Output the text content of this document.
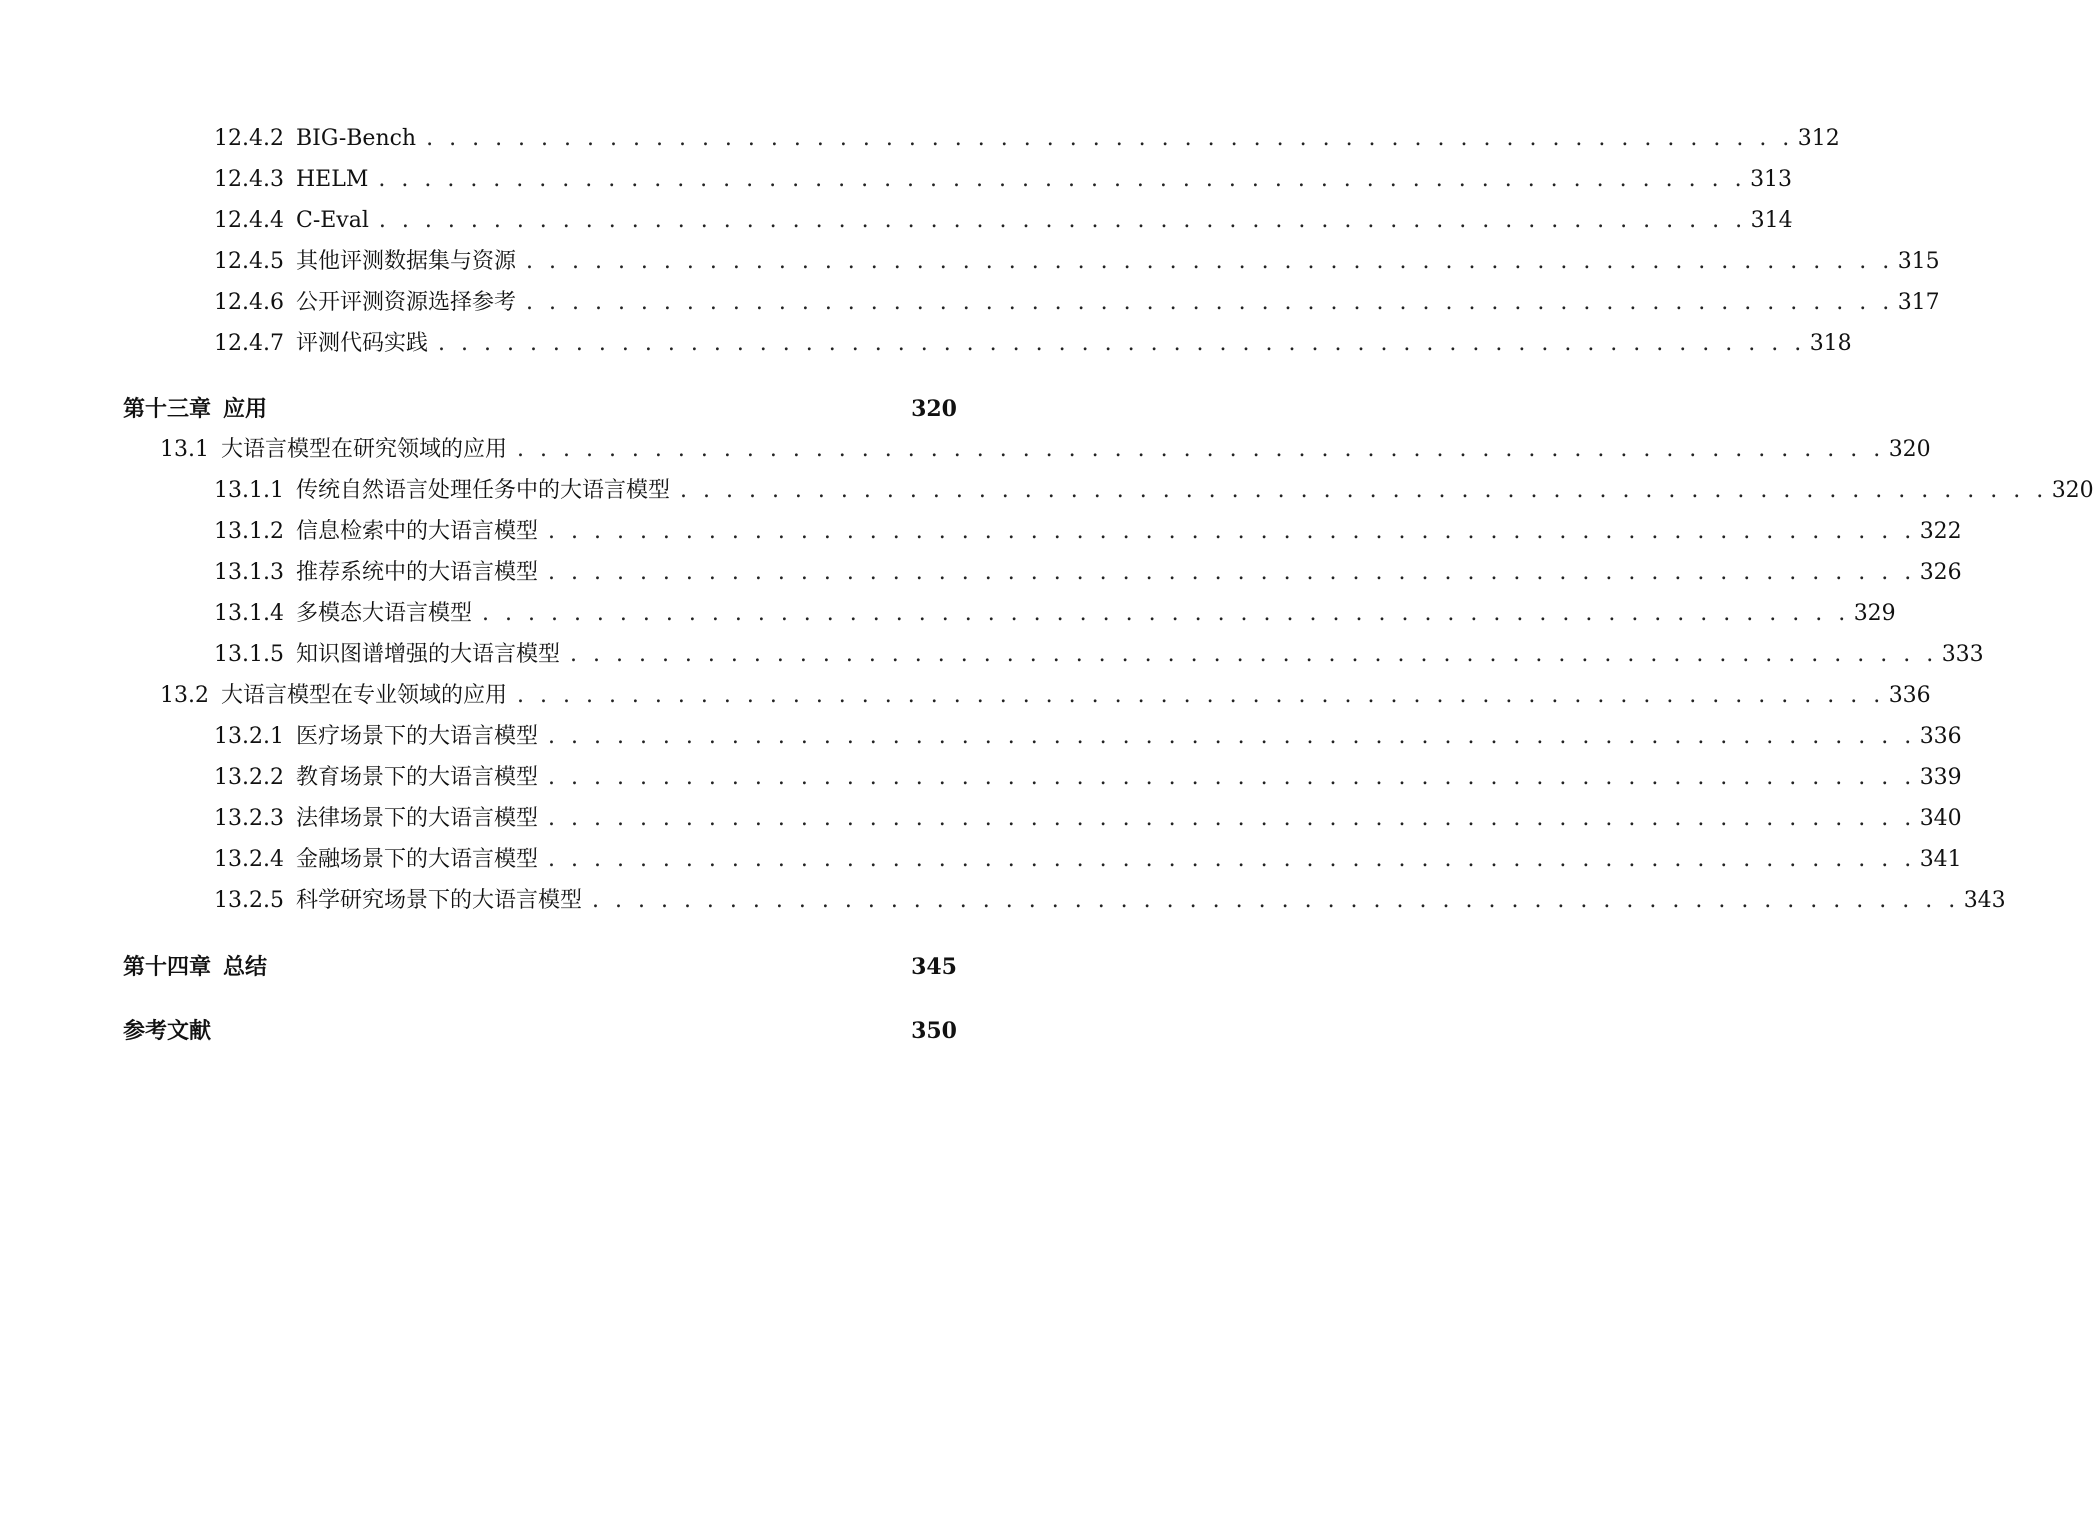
12.4.2 BIG-Bench . . . . . . . . . . . . . . . . . . . . . . . . . . . . . . . . . . . . . . . . . . . . . . . . . . . . . . . . . . . . 312
12.4.3 HELM . . . . . . . . . . . . . . . . . . . . . . . . . . . . . . . . . . . . . . . . . . . . . . . . . . . . . . . . . . . . 313
12.4.4 C-Eval . . . . . . . . . . . . . . . . . . . . . . . . . . . . . . . . . . . . . . . . . . . . . . . . . . . . . . . . . . . . 314
12.4.5 其他评测数据集与资源 . . . . . . . . . . . . . . . . . . . . . . . . . . . . . . . . . . . . . . . . . . . . . . . . . . . . . . . . . . . . 315
12.4.6 公开评测资源选择参考 . . . . . . . . . . . . . . . . . . . . . . . . . . . . . . . . . . . . . . . . . . . . . . . . . . . . . . . . . . . . 317
12.4.7 评测代码实践 . . . . . . . . . . . . . . . . . . . . . . . . . . . . . . . . . . . . . . . . . . . . . . . . . . . . . . . . . . . . 318
第十三章 应用	320
13.1 大语言模型在研究领域的应用 . . . . . . . . . . . . . . . . . . . . . . . . . . . . . . . . . . . . . . . . . . . . . . . . . . . . . . . . . . . . 320
13.1.1 传统自然语言处理任务中的大语言模型 . . . . . . . . . . . . . . . . . . . . . . . . . . . . . . . . . . . . . . . . . . . . . . . . . . . . . . . . . . . . 320
13.1.2 信息检索中的大语言模型 . . . . . . . . . . . . . . . . . . . . . . . . . . . . . . . . . . . . . . . . . . . . . . . . . . . . . . . . . . . . 322
13.1.3 推荐系统中的大语言模型 . . . . . . . . . . . . . . . . . . . . . . . . . . . . . . . . . . . . . . . . . . . . . . . . . . . . . . . . . . . . 326
13.1.4 多模态大语言模型 . . . . . . . . . . . . . . . . . . . . . . . . . . . . . . . . . . . . . . . . . . . . . . . . . . . . . . . . . . . . 329
13.1.5 知识图谱增强的大语言模型 . . . . . . . . . . . . . . . . . . . . . . . . . . . . . . . . . . . . . . . . . . . . . . . . . . . . . . . . . . . . 333
13.2 大语言模型在专业领域的应用 . . . . . . . . . . . . . . . . . . . . . . . . . . . . . . . . . . . . . . . . . . . . . . . . . . . . . . . . . . . . 336
13.2.1 医疗场景下的大语言模型 . . . . . . . . . . . . . . . . . . . . . . . . . . . . . . . . . . . . . . . . . . . . . . . . . . . . . . . . . . . . 336
13.2.2 教育场景下的大语言模型 . . . . . . . . . . . . . . . . . . . . . . . . . . . . . . . . . . . . . . . . . . . . . . . . . . . . . . . . . . . . 339
13.2.3 法律场景下的大语言模型 . . . . . . . . . . . . . . . . . . . . . . . . . . . . . . . . . . . . . . . . . . . . . . . . . . . . . . . . . . . . 340
13.2.4 金融场景下的大语言模型 . . . . . . . . . . . . . . . . . . . . . . . . . . . . . . . . . . . . . . . . . . . . . . . . . . . . . . . . . . . . 341
13.2.5 科学研究场景下的大语言模型 . . . . . . . . . . . . . . . . . . . . . . . . . . . . . . . . . . . . . . . . . . . . . . . . . . . . . . . . . . . . 343
第十四章 总结	345
参考文献	350
